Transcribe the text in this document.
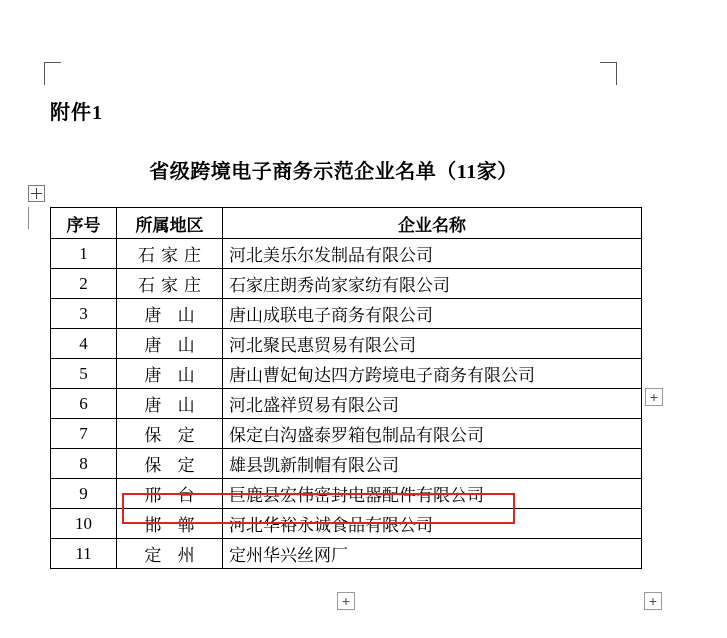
附件1
省级跨境电子商务示范企业名单（11家）
序号	所属地区	企业名称
1	石家庄	河北美乐尔发制品有限公司
2	石家庄	石家庄朗秀尚家家纺有限公司
3	唐 山	唐山成联电子商务有限公司
4	唐 山	河北聚民惠贸易有限公司
5	唐 山	唐山曹妃甸达四方跨境电子商务有限公司
6	唐 山	河北盛祥贸易有限公司
7	保 定	保定白沟盛泰罗箱包制品有限公司
8	保 定	雄县凯新制帽有限公司
9	邢 台	巨鹿县宏伟密封电器配件有限公司
10	邯 郸	河北华裕永诚食品有限公司
11	定 州	定州华兴丝网厂
+
+	+
